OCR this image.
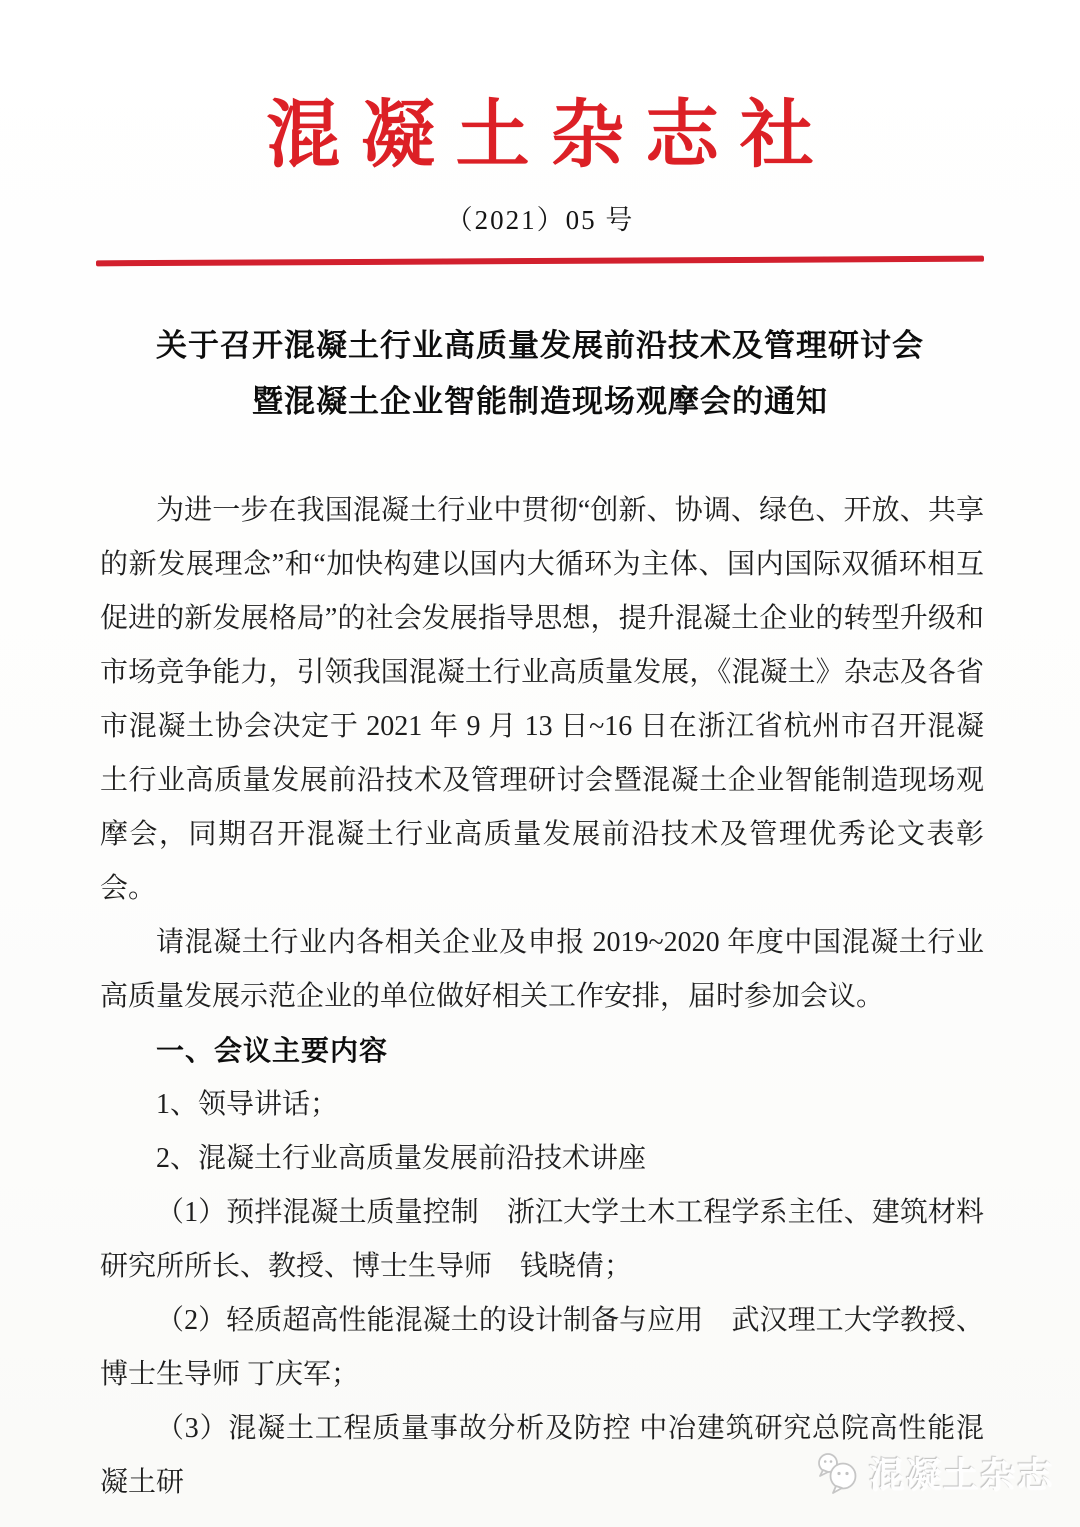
混凝土杂志社
（2021）05 号
关于召开混凝土行业高质量发展前沿技术及管理研讨会
暨混凝土企业智能制造现场观摩会的通知

为进一步在我国混凝土行业中贯彻“创新、协调、绿色、开放、共享的新发展理念”和“加快构建以国内大循环为主体、国内国际双循环相互促进的新发展格局”的社会发展指导思想，提升混凝土企业的转型升级和市场竞争能力，引领我国混凝土行业高质量发展，《混凝土》杂志及各省市混凝土协会决定于 2021 年 9 月 13 日~16 日在浙江省杭州市召开混凝土行业高质量发展前沿技术及管理研讨会暨混凝土企业智能制造现场观摩会，同期召开混凝土行业高质量发展前沿技术及管理优秀论文表彰会。

请混凝土行业内各相关企业及申报 2019~2020 年度中国混凝土行业高质量发展示范企业的单位做好相关工作安排，届时参加会议。

一、会议主要内容

1、领导讲话；

2、混凝土行业高质量发展前沿技术讲座

（1）预拌混凝土质量控制　浙江大学土木工程学系主任、建筑材料研究所所长、教授、博士生导师　钱晓倩；

（2）轻质超高性能混凝土的设计制备与应用　武汉理工大学教授、博士生导师 丁庆军；

（3）混凝土工程质量事故分析及防控 中冶建筑研究总院高性能混凝土研	混凝土杂志
